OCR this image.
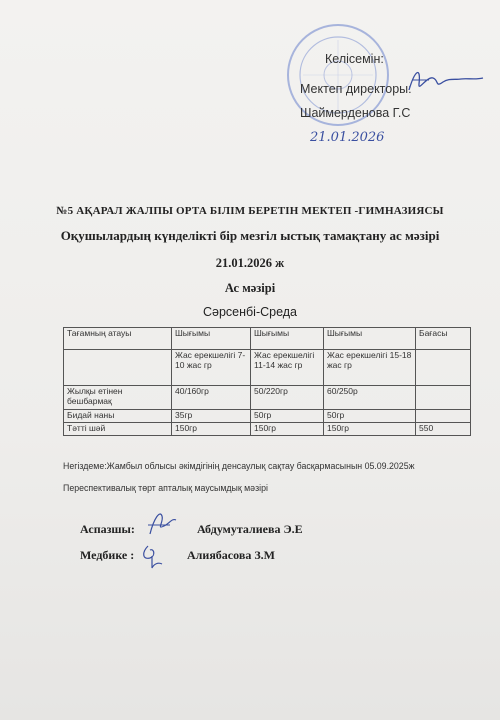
Келісемін:
Мектеп директоры:
Шаймерденова Г.С
21.01.2026
№5 АҚАРАЛ ЖАЛПЫ ОРТА БІЛІМ БЕРЕТІН МЕКТЕП -ГИМНАЗИЯСЫ
Оқушылардың күнделікті бір мезгіл ыстық тамақтану ас мәзірі
21.01.2026 ж
Ас мәзірі
Сәрсенбі-Среда
Тағамның атауы	Шығымы	Шығымы	Шығымы	Бағасы
	Жас ерекшелігі 7-10 жас гр	Жас ерекшелігі 11-14 жас гр	Жас ерекшелігі 15-18 жас гр	
Жылқы етінен бешбармақ	40/160гр	50/220гр	60/250р	
Бидай наны	35гр	50гр	50гр	
Тәтті шәй	150гр	150гр	150гр	550
Негіздеме:Жамбыл облысы әкімдігінің денсаулық сақтау басқармасынын 05.09.2025ж
Переспективалық төрт апталық маусымдық мәзірі
Аспазшы:	Абдумуталиева Э.Е
Медбике :	Алиябасова З.М
